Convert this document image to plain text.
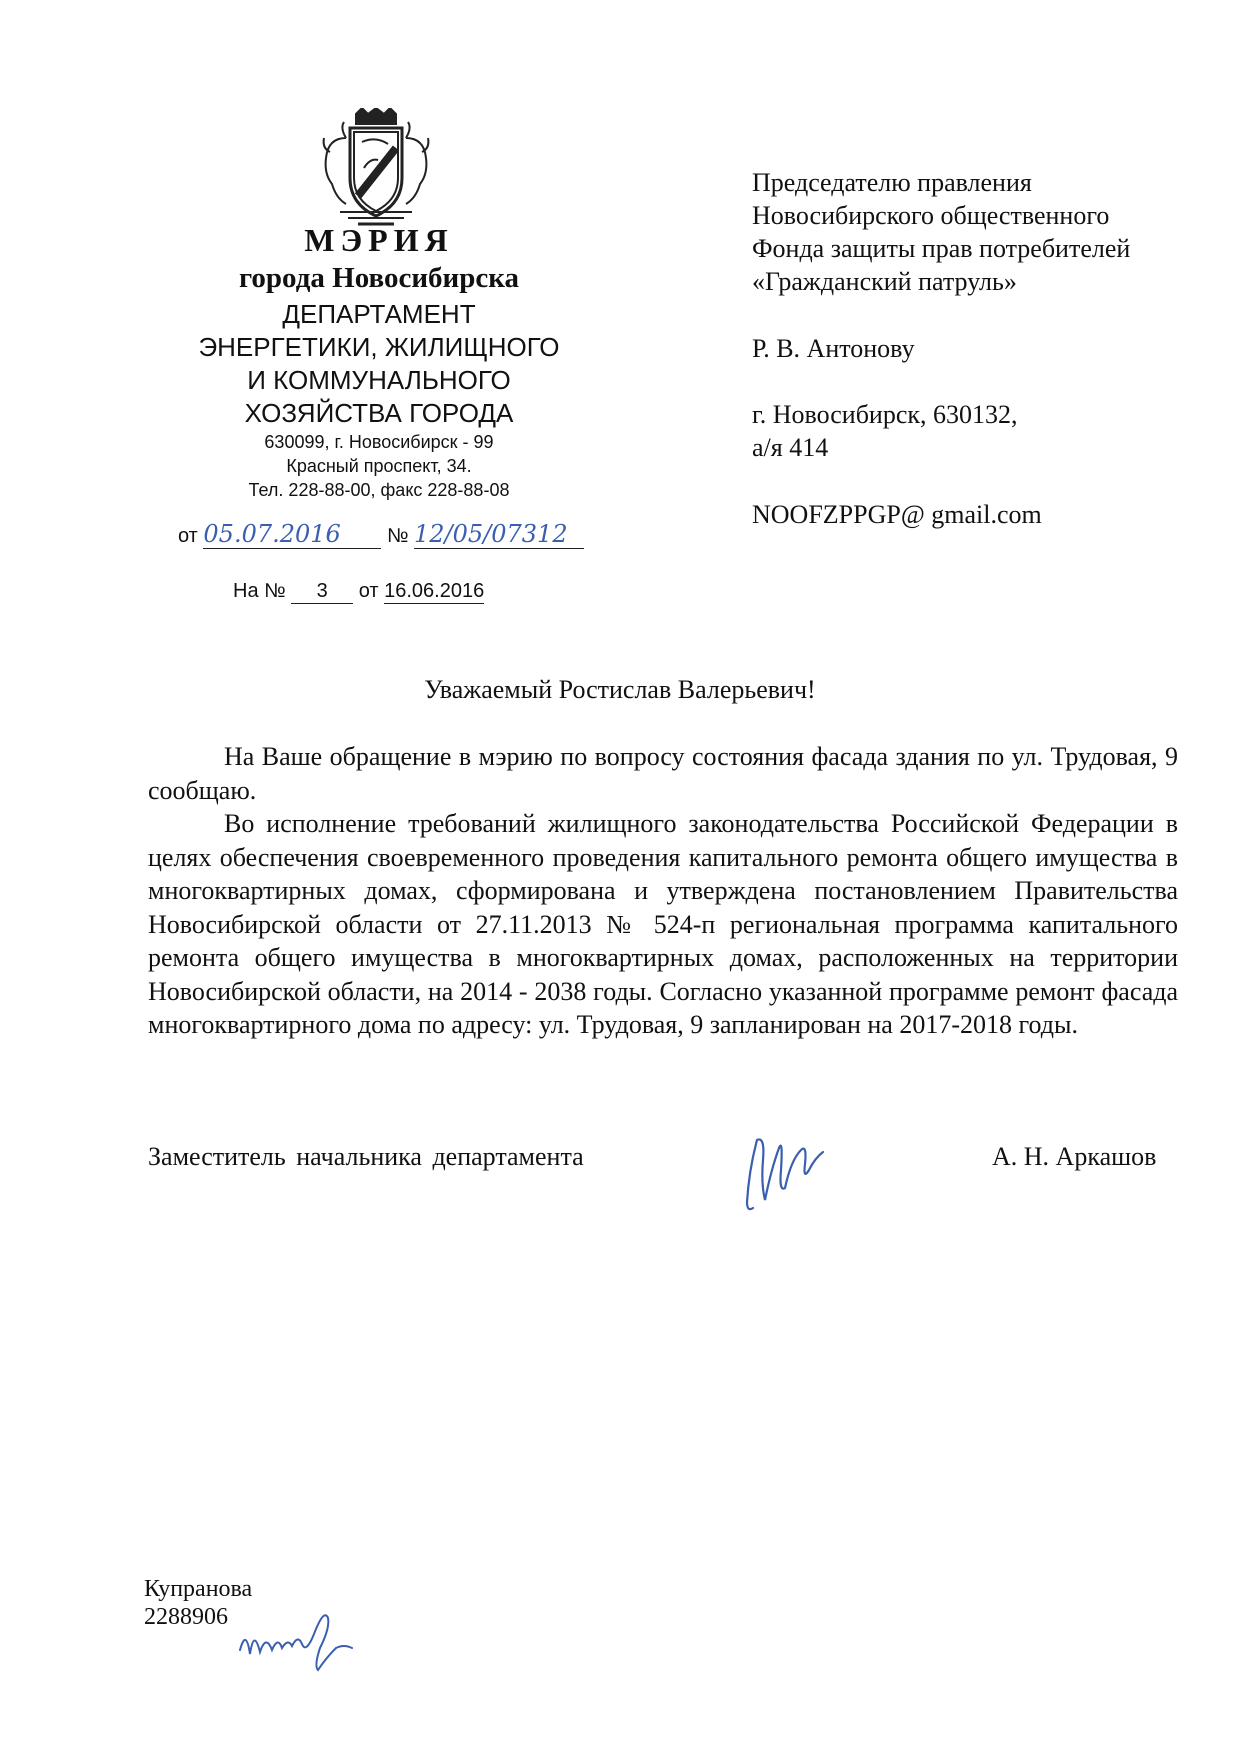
МЭРИЯ
города Новосибирска
ДЕПАРТАМЕНТ
ЭНЕРГЕТИКИ, ЖИЛИЩНОГО
И КОММУНАЛЬНОГО
ХОЗЯЙСТВА ГОРОДА
630099, г. Новосибирск - 99
Красный проспект, 34.
Тел. 228-88-00, факс 228-88-08
от 05.07.2016 № 12/05/07312
На № 3 от 16.06.2016
Председателю правления
Новосибирского общественного
Фонда защиты прав потребителей
«Гражданский патруль»
Р. В. Антонову
г. Новосибирск, 630132,
а/я 414
NOOFZPPGP@ gmail.com
Уважаемый Ростислав Валерьевич!

На Ваше обращение в мэрию по вопросу состояния фасада здания по ул. Трудовая, 9 сообщаю.

Во исполнение требований жилищного законодательства Российской Федерации в целях обеспечения своевременного проведения капитального ремонта общего имущества в многоквартирных домах, сформирована и утверждена постановлением Правительства Новосибирской области от 27.11.2013 № 524-п региональная программа капитального ремонта общего имущества в многоквартирных домах, расположенных на территории Новосибирской области, на 2014 - 2038 годы. Согласно указанной программе ремонт фасада многоквартирного дома по адресу: ул. Трудовая, 9 запланирован на 2017-2018 годы.

Заместитель начальника департамента	А. Н. Аркашов
Купранова
2288906
